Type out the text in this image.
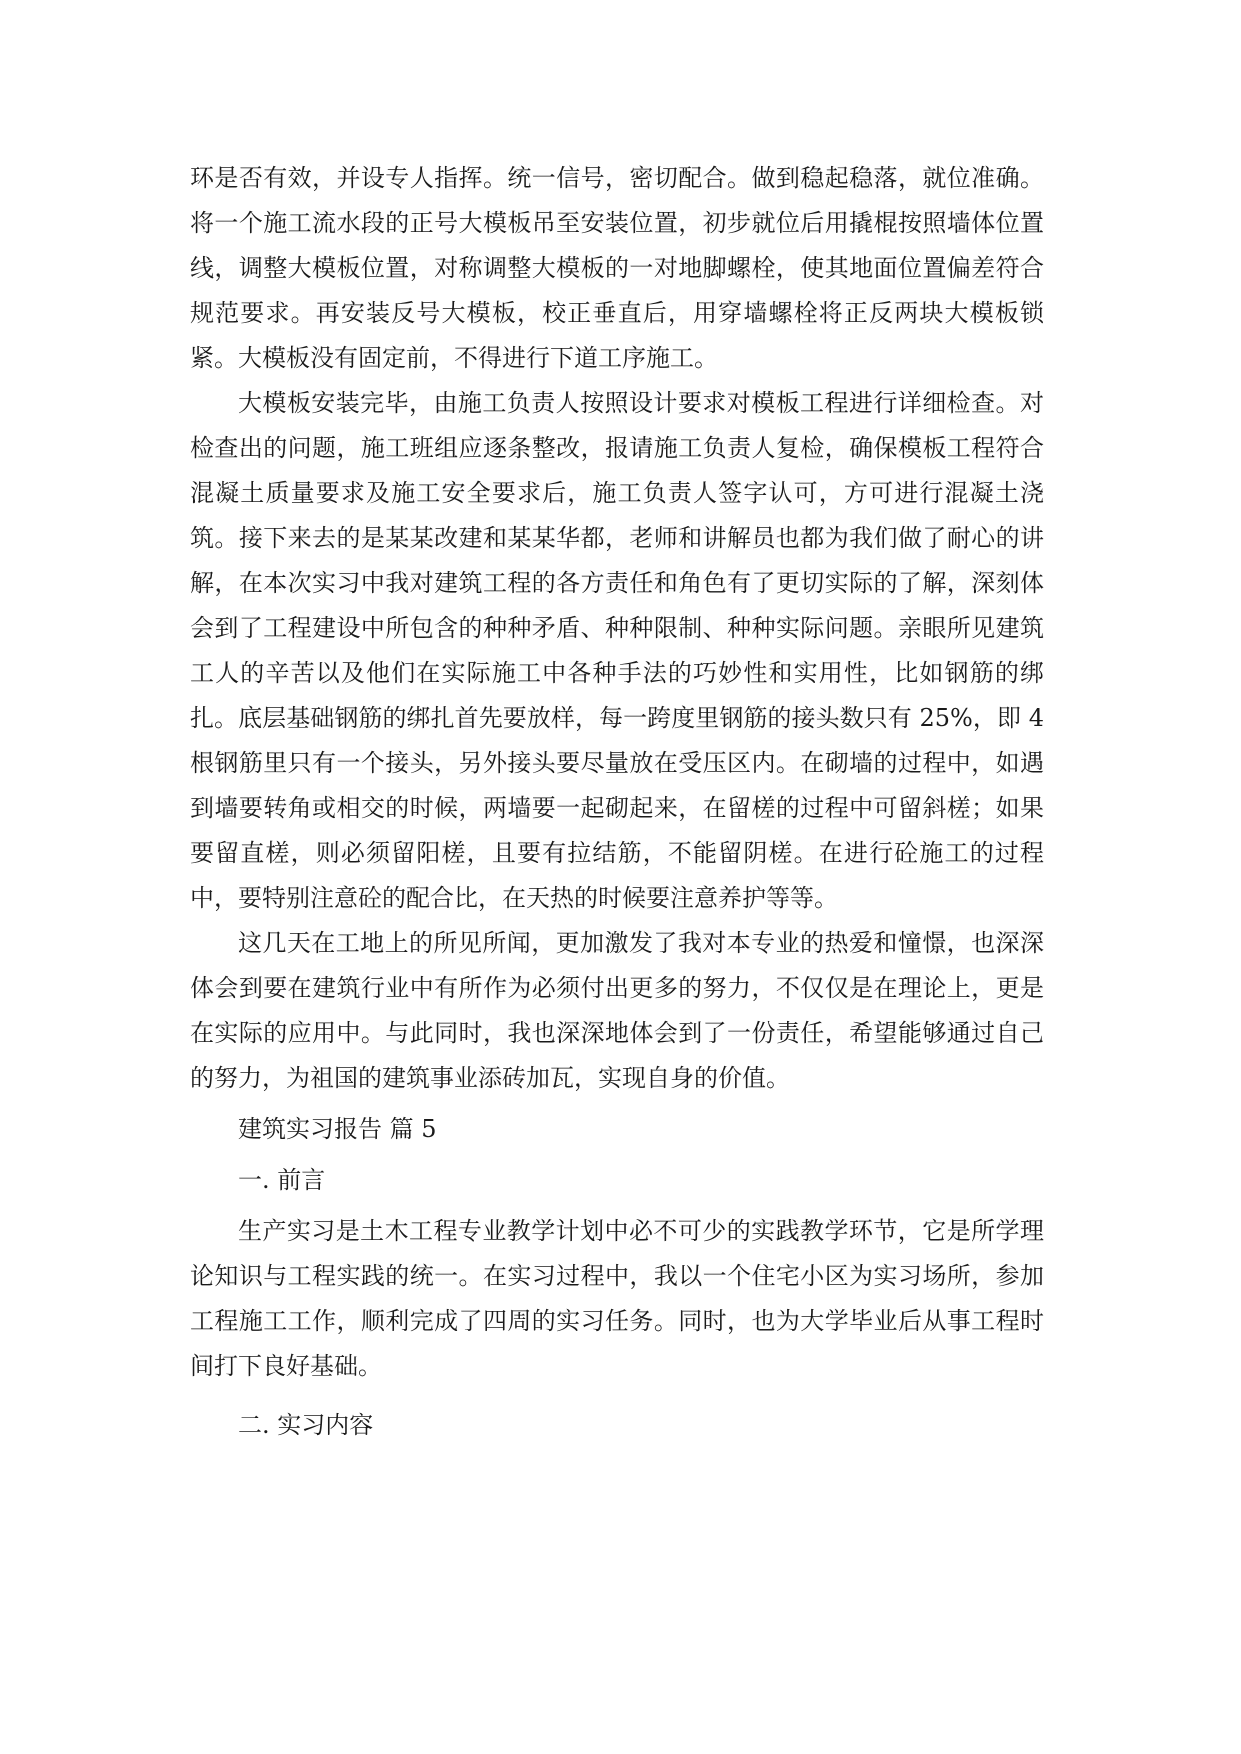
环是否有效，并设专人指挥。统一信号，密切配合。做到稳起稳落，就位准确。将一个施工流水段的正号大模板吊至安装位置，初步就位后用撬棍按照墙体位置线，调整大模板位置，对称调整大模板的一对地脚螺栓，使其地面位置偏差符合规范要求。再安装反号大模板，校正垂直后，用穿墙螺栓将正反两块大模板锁紧。大模板没有固定前，不得进行下道工序施工。

大模板安装完毕，由施工负责人按照设计要求对模板工程进行详细检查。对检查出的问题，施工班组应逐条整改，报请施工负责人复检，确保模板工程符合混凝土质量要求及施工安全要求后，施工负责人签字认可，方可进行混凝土浇筑。接下来去的是某某改建和某某华都，老师和讲解员也都为我们做了耐心的讲解，在本次实习中我对建筑工程的各方责任和角色有了更切实际的了解，深刻体会到了工程建设中所包含的种种矛盾、种种限制、种种实际问题。亲眼所见建筑工人的辛苦以及他们在实际施工中各种手法的巧妙性和实用性，比如钢筋的绑扎。底层基础钢筋的绑扎首先要放样，每一跨度里钢筋的接头数只有 25%，即 4 根钢筋里只有一个接头，另外接头要尽量放在受压区内。在砌墙的过程中，如遇到墙要转角或相交的时候，两墙要一起砌起来，在留槎的过程中可留斜槎；如果要留直槎，则必须留阳槎，且要有拉结筋，不能留阴槎。在进行砼施工的过程中，要特别注意砼的配合比，在天热的时候要注意养护等等。

这几天在工地上的所见所闻，更加激发了我对本专业的热爱和憧憬，也深深体会到要在建筑行业中有所作为必须付出更多的努力，不仅仅是在理论上，更是在实际的应用中。与此同时，我也深深地体会到了一份责任，希望能够通过自己的努力，为祖国的建筑事业添砖加瓦，实现自身的价值。

建筑实习报告 篇 5

一. 前言

生产实习是土木工程专业教学计划中必不可少的实践教学环节，它是所学理论知识与工程实践的统一。在实习过程中，我以一个住宅小区为实习场所，参加工程施工工作，顺利完成了四周的实习任务。同时，也为大学毕业后从事工程时间打下良好基础。

二. 实习内容
